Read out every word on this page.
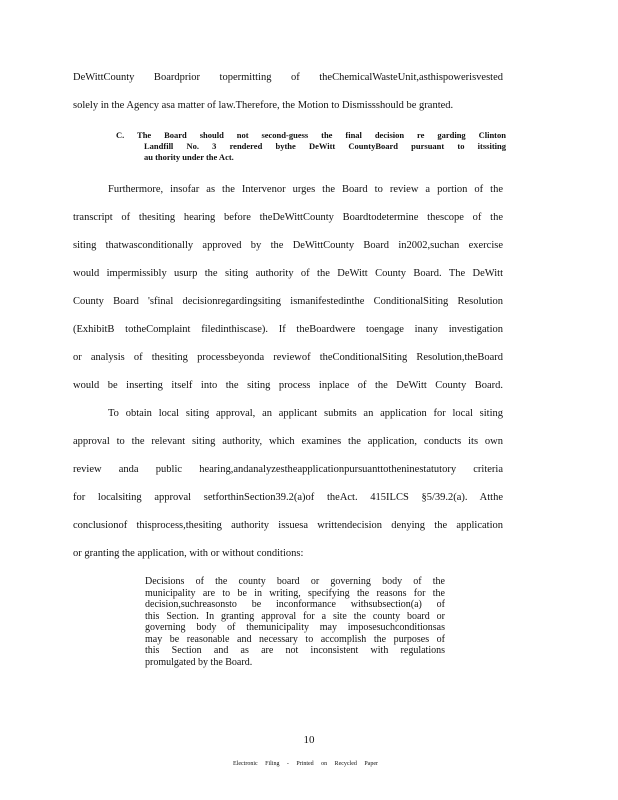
DeWittCounty Boardprior topermitting of theChemicalWasteUnit,asthispowerisvested
solely in the Agency asa matter of law.Therefore, the Motion to Dismissshould be granted.
C. The Board should not second-guess the final decision re garding Clinton
Landfill No. 3 rendered bythe DeWitt CountyBoard pursuant to itssiting
au thority under the Act.
Furthermore, insofar as the Intervenor urges the Board to review a portion of the
transcript of thesiting hearing before theDeWittCounty Boardtodetermine thescope of the
siting thatwasconditionally approved by the DeWittCounty Board in2002,suchan exercise
would impermissibly usurp the siting authority of the DeWitt County Board. The DeWitt
County Board 'sfinal decisionregardingsiting ismanifestedinthe ConditionalSiting Resolution
(ExhibitB totheComplaint filedinthiscase). If theBoardwere toengage inany investigation
or analysis of thesiting processbeyonda reviewof theConditionalSiting Resolution,theBoard
would be inserting itself into the siting process inplace of the DeWitt County Board.
To obtain local siting approval, an applicant submits an application for local siting
approval to the relevant siting authority, which examines the application, conducts its own
review anda public hearing,andanalyzestheapplicationpursuanttotheninestatutory criteria
for localsiting approval setforthinSection39.2(a)of theAct. 415ILCS §5/39.2(a). Atthe
conclusionof thisprocess,thesiting authority issuesa writtendecision denying the application
or granting the application, with or without conditions:
Decisions of the county board or governing body of the
municipality are to be in writing, specifying the reasons for the
decision,suchreasonsto be inconformance withsubsection(a) of
this Section. In granting approval for a site the county board or
governing body of themunicipality may imposesuchconditionsas
may be reasonable and necessary to accomplish the purposes of
this Section and as are not inconsistent with regulations
promulgated by the Board.
10
Electronic Filing - Printed on Recycled Paper
